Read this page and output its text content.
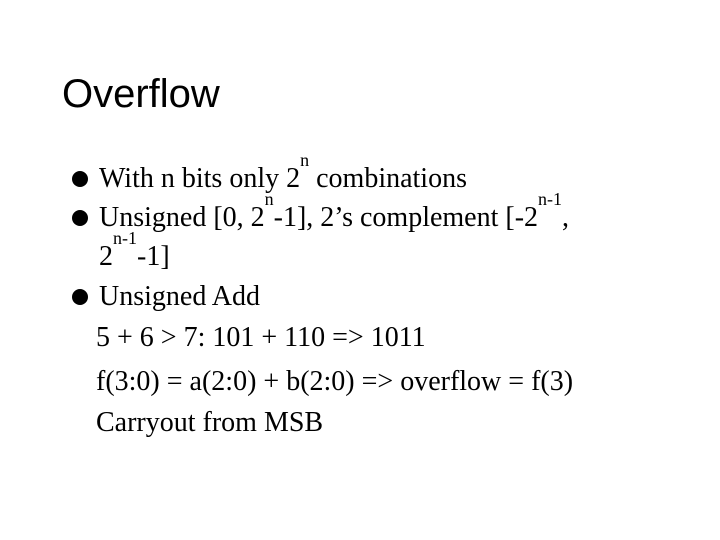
Overflow
With n bits only 2$^n$ combinations
Unsigned [0, 2$^n$-1], 2’s complement [-2$^{n-1}$,
2$^{n-1}$-1]
Unsigned Add
5 + 6 > 7: 101 + 110 => 1011
f(3:0) = a(2:0) + b(2:0) => overflow = f(3)
Carryout from MSB
